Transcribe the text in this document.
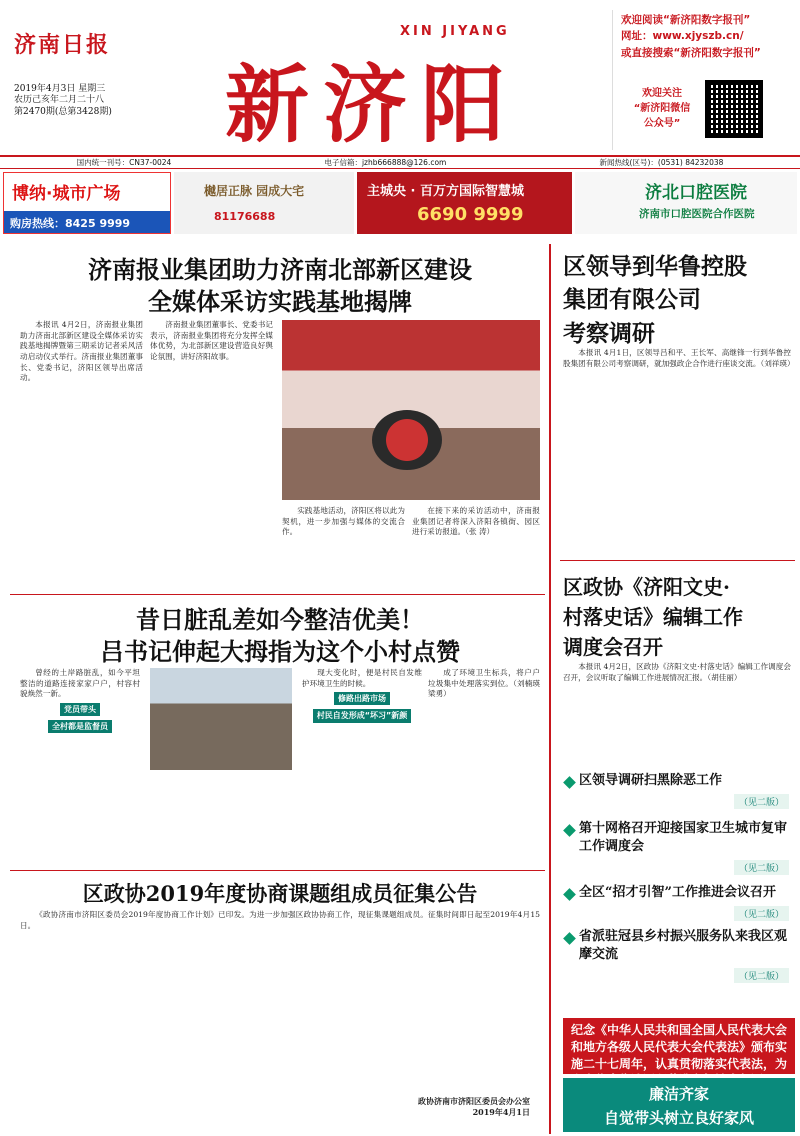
济南日报
2019年4月3日 星期三
农历己亥年二月二十八
第2470期(总第3428期)
XIN JIYANG
新济阳
欢迎阅读“新济阳数字报刊”
网址：www.xjyszb.cn/
或直接搜索“新济阳数字报刊”
欢迎关注
“新济阳微信
公众号”
国内统一刊号：CN37-0024	电子信箱：jzhb666888@126.com	新闻热线(区号)：(0531) 84232038
博纳·城市广场
购房热线：8425 9999
樾居正脉 园成大宅
81176688
主城央 · 百万方国际智慧城
6690 9999
济北口腔医院
济南市口腔医院合作医院
济南报业集团助力济南北部新区建设
全媒体采访实践基地揭牌

本报讯 4月2日，济南报业集团助力济南北部新区建设全媒体采访实践基地揭牌暨第三期采访记者采风活动启动仪式举行。济南报业集团董事长、党委书记，济阳区领导出席活动。

济南报业集团董事长、党委书记表示，济南报业集团将充分发挥全媒体优势，为北部新区建设营造良好舆论氛围，讲好济阳故事。

实践基地活动，济阳区将以此为契机，进一步加强与媒体的交流合作。

在接下来的采访活动中，济南报业集团记者将深入济阳各镇街、园区进行采访报道。（张 涛）

昔日脏乱差如今整洁优美！
吕书记伸起大拇指为这个小村点赞

曾经的土岸路脏乱，如今平坦整洁的道路连接家家户户，村容村貌焕然一新。

党员带头
全村都是监督员

现大变化时，便是村民自发维护环境卫生的时候。

修路出路市场
村民自发形成“坏习”新颜

成了环境卫生标兵，将户户垃圾集中处理落实到位。（刘楠瑛 梁勇）

区政协2019年度协商课题组成员征集公告

《政协济南市济阳区委员会2019年度协商工作计划》已印发。为进一步加强区政协协商工作，现征集课题组成员。征集时间即日起至2019年4月15日。

政协济南市济阳区委员会办公室
2019年4月1日
区领导到华鲁控股
集团有限公司
考察调研

本报讯 4月1日，区领导吕和平、王长军、高继锋一行到华鲁控股集团有限公司考察调研，就加强政企合作进行座谈交流。（刘祥瑛）

区政协《济阳文史·
村落史话》编辑工作
调度会召开

本报讯 4月2日，区政协《济阳文史·村落史话》编辑工作调度会召开，会议听取了编辑工作进展情况汇报。（胡佳丽）

区领导调研扫黑除恶工作
（见二版）
第十网格召开迎接国家卫生城市复审工作调度会
（见二版）
全区“招才引智”工作推进会议召开
（见二版）
省派驻冠县乡村振兴服务队来我区观摩交流
（见二版）
纪念《中华人民共和国全国人民代表大会和地方各级人民代表大会代表法》颁布实施二十七周年，认真贯彻落实代表法，为
廉洁齐家
自觉带头树立良好家风
